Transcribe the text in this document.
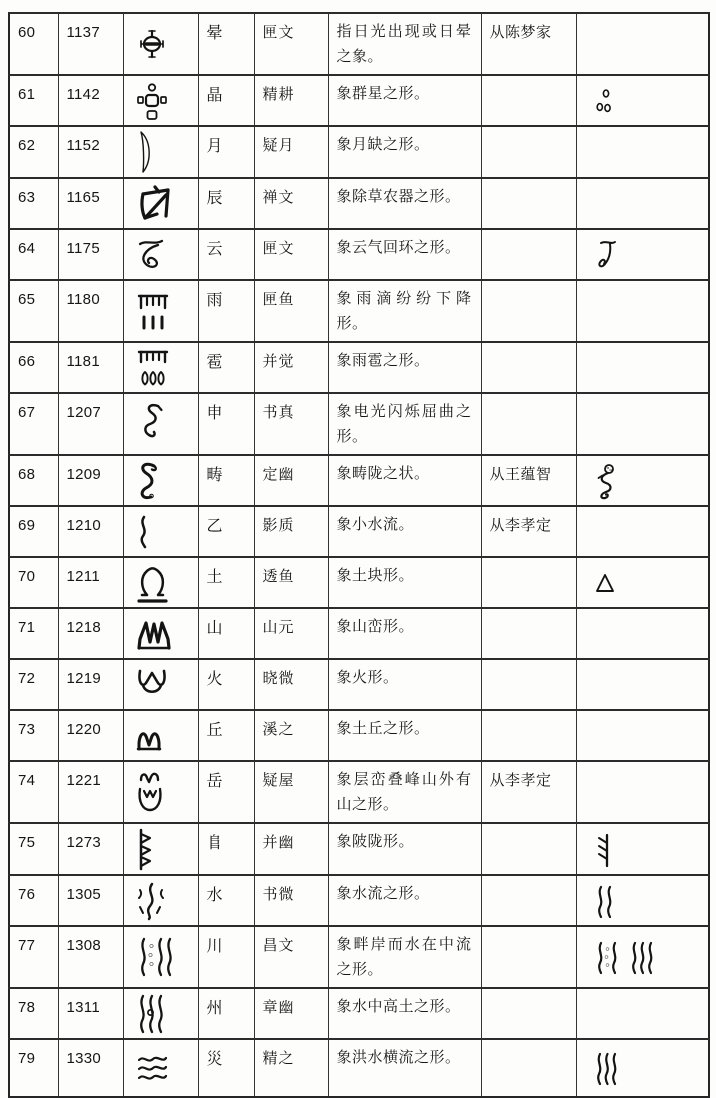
60	1137		晕	匣文	指日光出现或日晕之象。	从陈梦家	
61	1142		晶	精耕	象群星之形。		

62	1152		月	疑月	象月缺之形。		
63	1165		辰	禅文	象除草农器之形。		
64	1175		云	匣文	象云气回环之形。		

65	1180		雨	匣鱼	象雨滴纷纷下降形。		
66	1181		雹	并觉	象雨雹之形。		
67	1207		申	书真	象电光闪烁屈曲之形。		
68	1209		畴	定幽	象畴陇之状。	从王蕴智	

69	1210		乙	影质	象小水流。	从李孝定	
70	1211		土	透鱼	象土块形。		

71	1218		山	山元	象山峦形。		
72	1219		火	晓微	象火形。		
73	1220		丘	溪之	象土丘之形。		
74	1221		岳	疑屋	象层峦叠峰山外有山之形。	从李孝定	
75	1273		𨸏	并幽	象陂陇形。		

76	1305		水	书微	象水流之形。		

77	1308		川	昌文	象畔岸而水在中流之形。		

78	1311		州	章幽	象水中高土之形。		
79	1330		災	精之	象洪水横流之形。		
